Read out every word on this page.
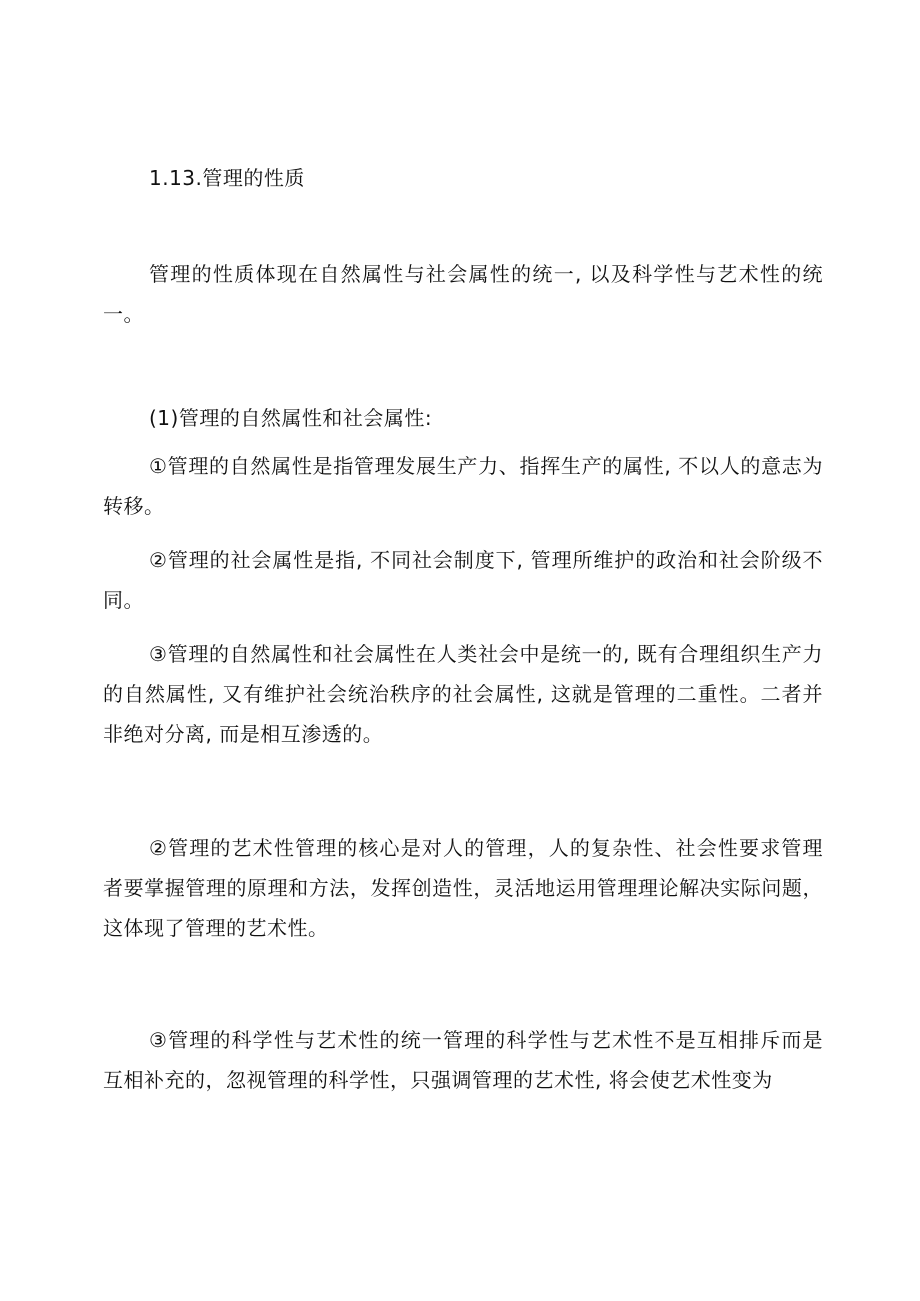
1.13.管理的性质

管理的性质体现在自然属性与社会属性的统一, 以及科学性与艺术性的统一。

(1)管理的自然属性和社会属性:

①管理的自然属性是指管理发展生产力、指挥生产的属性, 不以人的意志为转移。

②管理的社会属性是指, 不同社会制度下, 管理所维护的政治和社会阶级不同。

③管理的自然属性和社会属性在人类社会中是统一的, 既有合理组织生产力的自然属性, 又有维护社会统治秩序的社会属性, 这就是管理的二重性。二者并非绝对分离, 而是相互渗透的。

②管理的艺术性管理的核心是对人的管理，人的复杂性、社会性要求管理者要掌握管理的原理和方法，发挥创造性，灵活地运用管理理论解决实际问题，这体现了管理的艺术性。

③管理的科学性与艺术性的统一管理的科学性与艺术性不是互相排斥而是互相补充的，忽视管理的科学性，只强调管理的艺术性, 将会使艺术性变为
